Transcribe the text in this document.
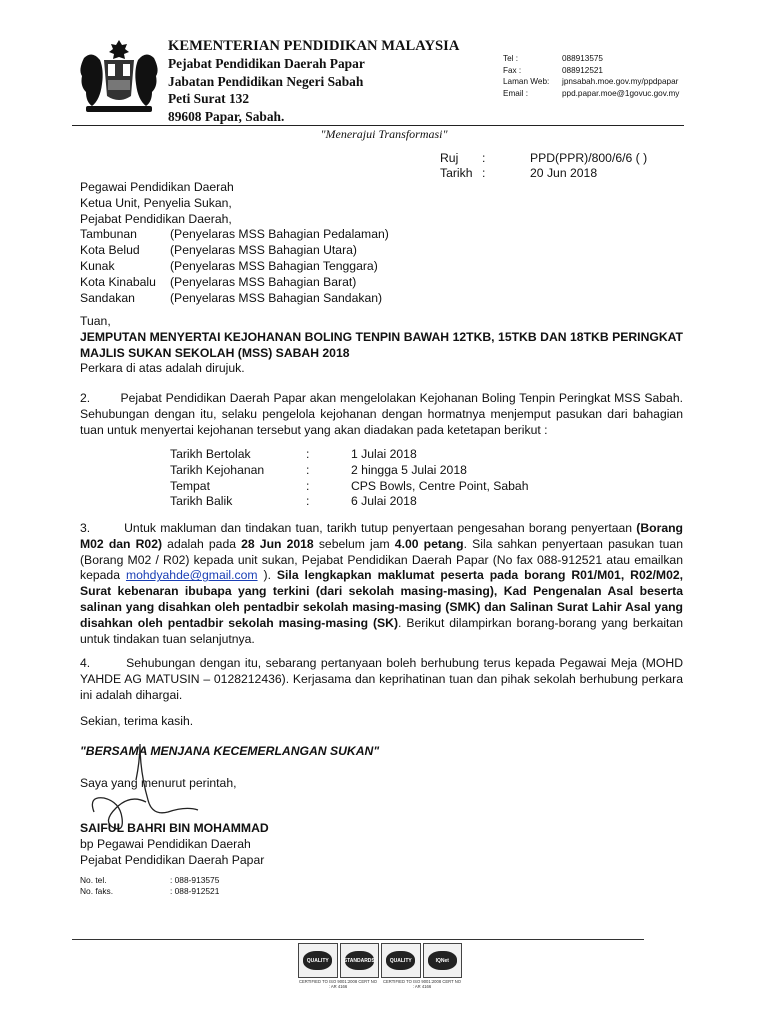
KEMENTERIAN PENDIDIKAN MALAYSIA
Pejabat Pendidikan Daerah Papar
Jabatan Pendidikan Negeri Sabah
Peti Surat 132
89608 Papar, Sabah.
Tel :	088913575
Fax :	088912521
Laman Web:	jpnsabah.moe.gov.my/ppdpapar
Email :	ppd.papar.moe@1govuc.gov.my
"Menerajui Transformasi"
Ruj	:	PPD(PPR)/800/6/6 ( )
Tarikh :	20 Jun 2018
Pegawai Pendidikan Daerah
Ketua Unit, Penyelia Sukan,
Pejabat Pendidikan Daerah,
Tambunan	(Penyelaras MSS Bahagian Pedalaman)
Kota Belud	(Penyelaras MSS Bahagian Utara)
Kunak	(Penyelaras MSS Bahagian Tenggara)
Kota Kinabalu	(Penyelaras MSS Bahagian Barat)
Sandakan	(Penyelaras MSS Bahagian Sandakan)

Tuan,

JEMPUTAN MENYERTAI KEJOHANAN BOLING TENPIN BAWAH 12TKB, 15TKB DAN 18TKB PERINGKAT MAJLIS SUKAN SEKOLAH (MSS) SABAH 2018

Perkara di atas adalah dirujuk.

2.        Pejabat Pendidikan Daerah Papar akan mengelolakan Kejohanan Boling Tenpin Peringkat MSS Sabah. Sehubungan dengan itu, selaku pengelola kejohanan dengan hormatnya menjemput pasukan dari bahagian tuan untuk menyertai kejohanan tersebut yang akan diadakan pada ketetapan berikut :

Tarikh Bertolak	:	1 Julai 2018
Tarikh Kejohanan	:	2 hingga 5 Julai 2018
Tempat	:	CPS Bowls, Centre Point, Sabah
Tarikh Balik	:	6 Julai 2018

3.        Untuk makluman dan tindakan tuan, tarikh tutup penyertaan pengesahan borang penyertaan (Borang M02 dan R02) adalah pada 28 Jun 2018 sebelum jam 4.00 petang. Sila sahkan penyertaan pasukan tuan (Borang M02 / R02) kepada unit sukan, Pejabat Pendidikan Daerah Papar (No fax 088-912521 atau emailkan kepada mohdyahde@gmail.com ). Sila lengkapkan maklumat peserta pada borang R01/M01, R02/M02, Surat kebenaran ibubapa yang terkini (dari sekolah masing-masing), Kad Pengenalan Asal beserta salinan yang disahkan oleh pentadbir sekolah masing-masing (SMK) dan Salinan Surat Lahir Asal yang disahkan oleh pentadbir sekolah masing-masing (SK). Berikut dilampirkan borang-borang yang berkaitan untuk tindakan tuan selanjutnya.

4.        Sehubungan dengan itu, sebarang pertanyaan boleh berhubung terus kepada Pegawai Meja (MOHD YAHDE AG MATUSIN – 0128212436). Kerjasama dan keprihatinan tuan dan pihak sekolah berhubung perkara ini adalah dihargai.

Sekian, terima kasih.

"BERSAMA MENJANA KECEMERLANGAN SUKAN"

Saya yang menurut perintah,

SAIFUL BAHRI BIN MOHAMMAD

bp Pegawai Pendidikan Daerah

Pejabat Pendidikan Daerah Papar

No. tel.	: 088-913575
No. faks.	: 088-912521
QUALITY	STANDARDS	QUALITY	IQNet
CERTIFIED TO ISO 9001:2008 CERT NO : AR 4166
CERTIFIED TO ISO 9001:2008 CERT NO : AR 4166
